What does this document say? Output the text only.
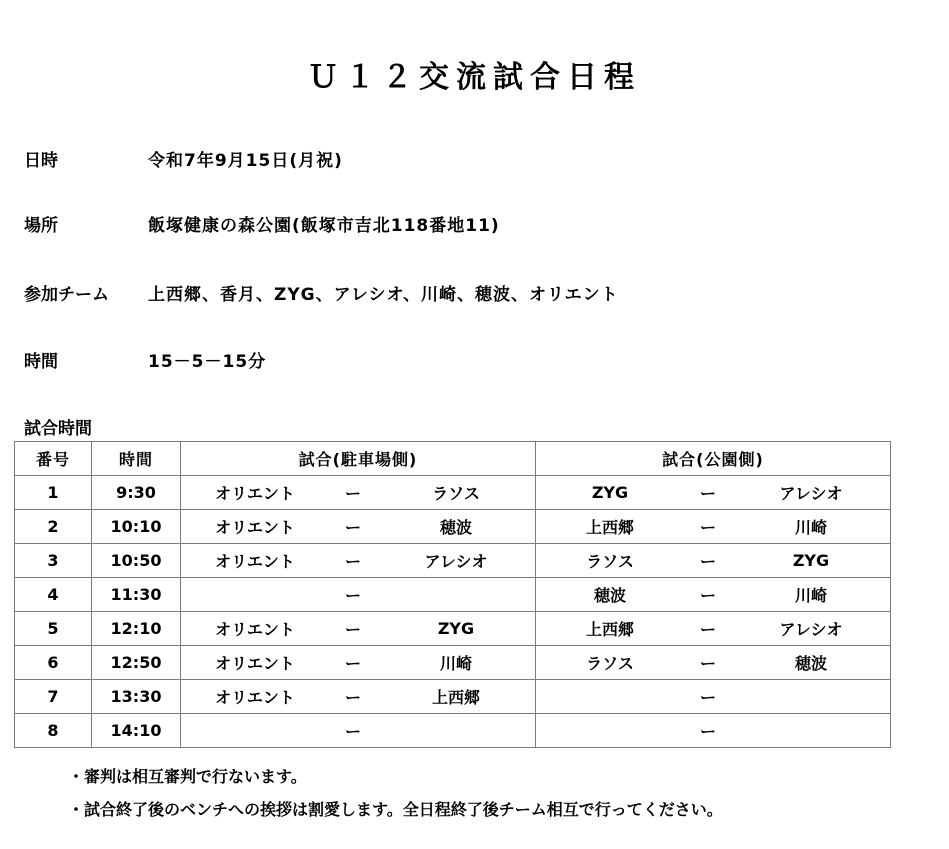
Ｕ１２交流試合日程
日時	令和7年9月15日(月祝)
場所	飯塚健康の森公園(飯塚市吉北118番地11)
参加チーム 上西郷、香月、ZYG、アレシオ、川崎、穂波、オリエント
時間	15－5－15分
試合時間
番号	時間	試合(駐車場側)	試合(公園側)
1	9:30	オリエント ー ラソス	ZYG ー アレシオ

2	10:10	オリエント ー 穂波	上西郷 ー 川崎

3	10:50	オリエント ー アレシオ	ラソス ー ZYG

4	11:30	ー	穂波 ー 川崎

5	12:10	オリエント ー ZYG	上西郷 ー アレシオ

6	12:50	オリエント ー 川崎	ラソス ー 穂波

7	13:30	オリエント ー 上西郷	ー

8	14:10	ー	ー
・審判は相互審判で行ないます。
・試合終了後のベンチへの挨拶は割愛します。全日程終了後チーム相互で行ってください。
